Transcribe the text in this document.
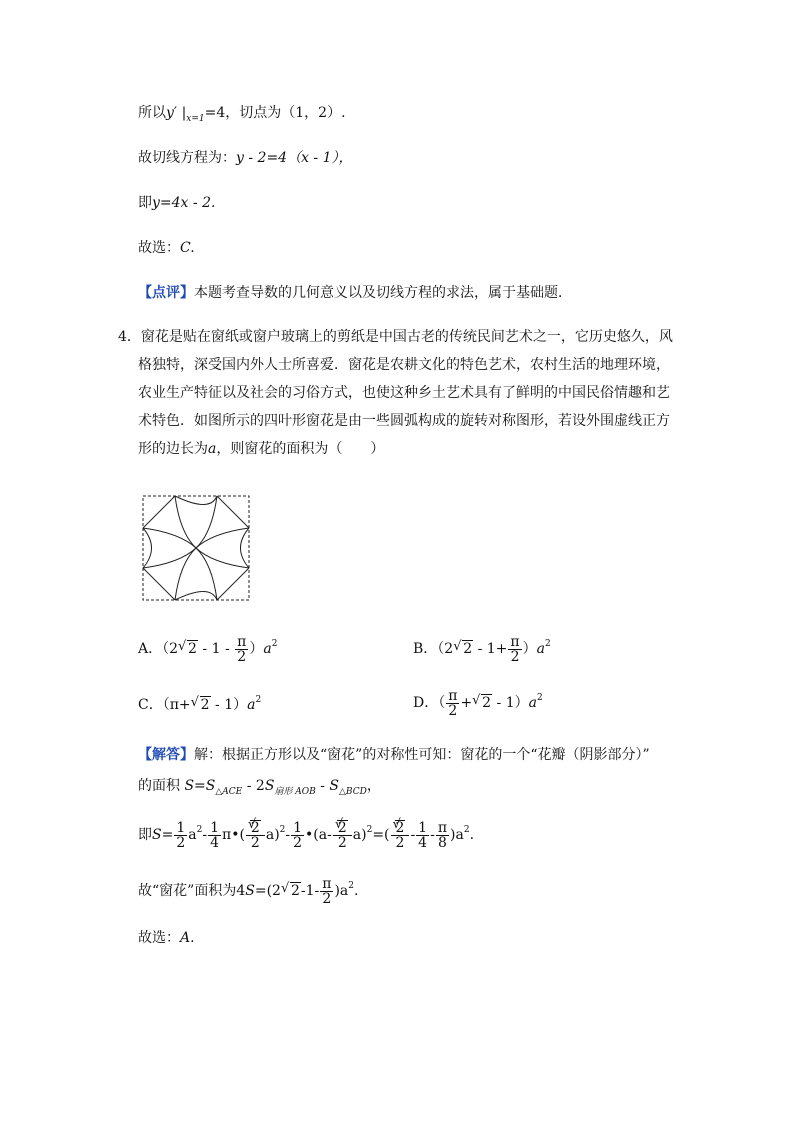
所以y′ $|_{x=1}=4$，切点为（1，2）.
故切线方程为：y - 2=4（x - 1），
即y=4x - 2.
故选：C.
【点评】本题考查导数的几何意义以及切线方程的求法，属于基础题．
4．窗花是贴在窗纸或窗户玻璃上的剪纸是中国古老的传统民间艺术之一，它历史悠久，风
格独特，深受国内外人士所喜爱．窗花是农耕文化的特色艺术，农村生活的地理环境，
农业生产特征以及社会的习俗方式，也使这种乡土艺术具有了鲜明的中国民俗情趣和艺
术特色．如图所示的四叶形窗花是由一些圆弧构成的旋转对称图形，若设外围虚线正方
形的边长为a，则窗花的面积为（　　）
A．（2 √ $2 - 1 - \frac{\pi}{2} )a^2$	B．（2 √ $2 - 1+ \frac{\pi}{2} )a^2$
C．（π+ √ $2 - 1)a^2$	D．（ $\frac{\pi}{2}$ + √ $2 - 1)a^2$
【解答】解：根据正方形以及“窗花”的对称性可知：窗花的一个“花瓣（阴影部分）”
的面积 $S=S_{\triangle ACE} - 2S_{扇形 AOB} - S_{\triangle BCD}$，
即$S= \frac{1}{2} a^2- \frac{1}{4}$ π•( √ $\frac{2}{2} a)^2- \frac{1}{2}$ •(a- √ $\frac{2}{2} a)^2=$( √ $\frac{2}{2} - \frac{1}{4} - \frac{\pi}{8} )a^2$.
故“窗花”面积为4S=(2 √ $2-1- \frac{\pi}{2} )a^2$.
故选：A.
